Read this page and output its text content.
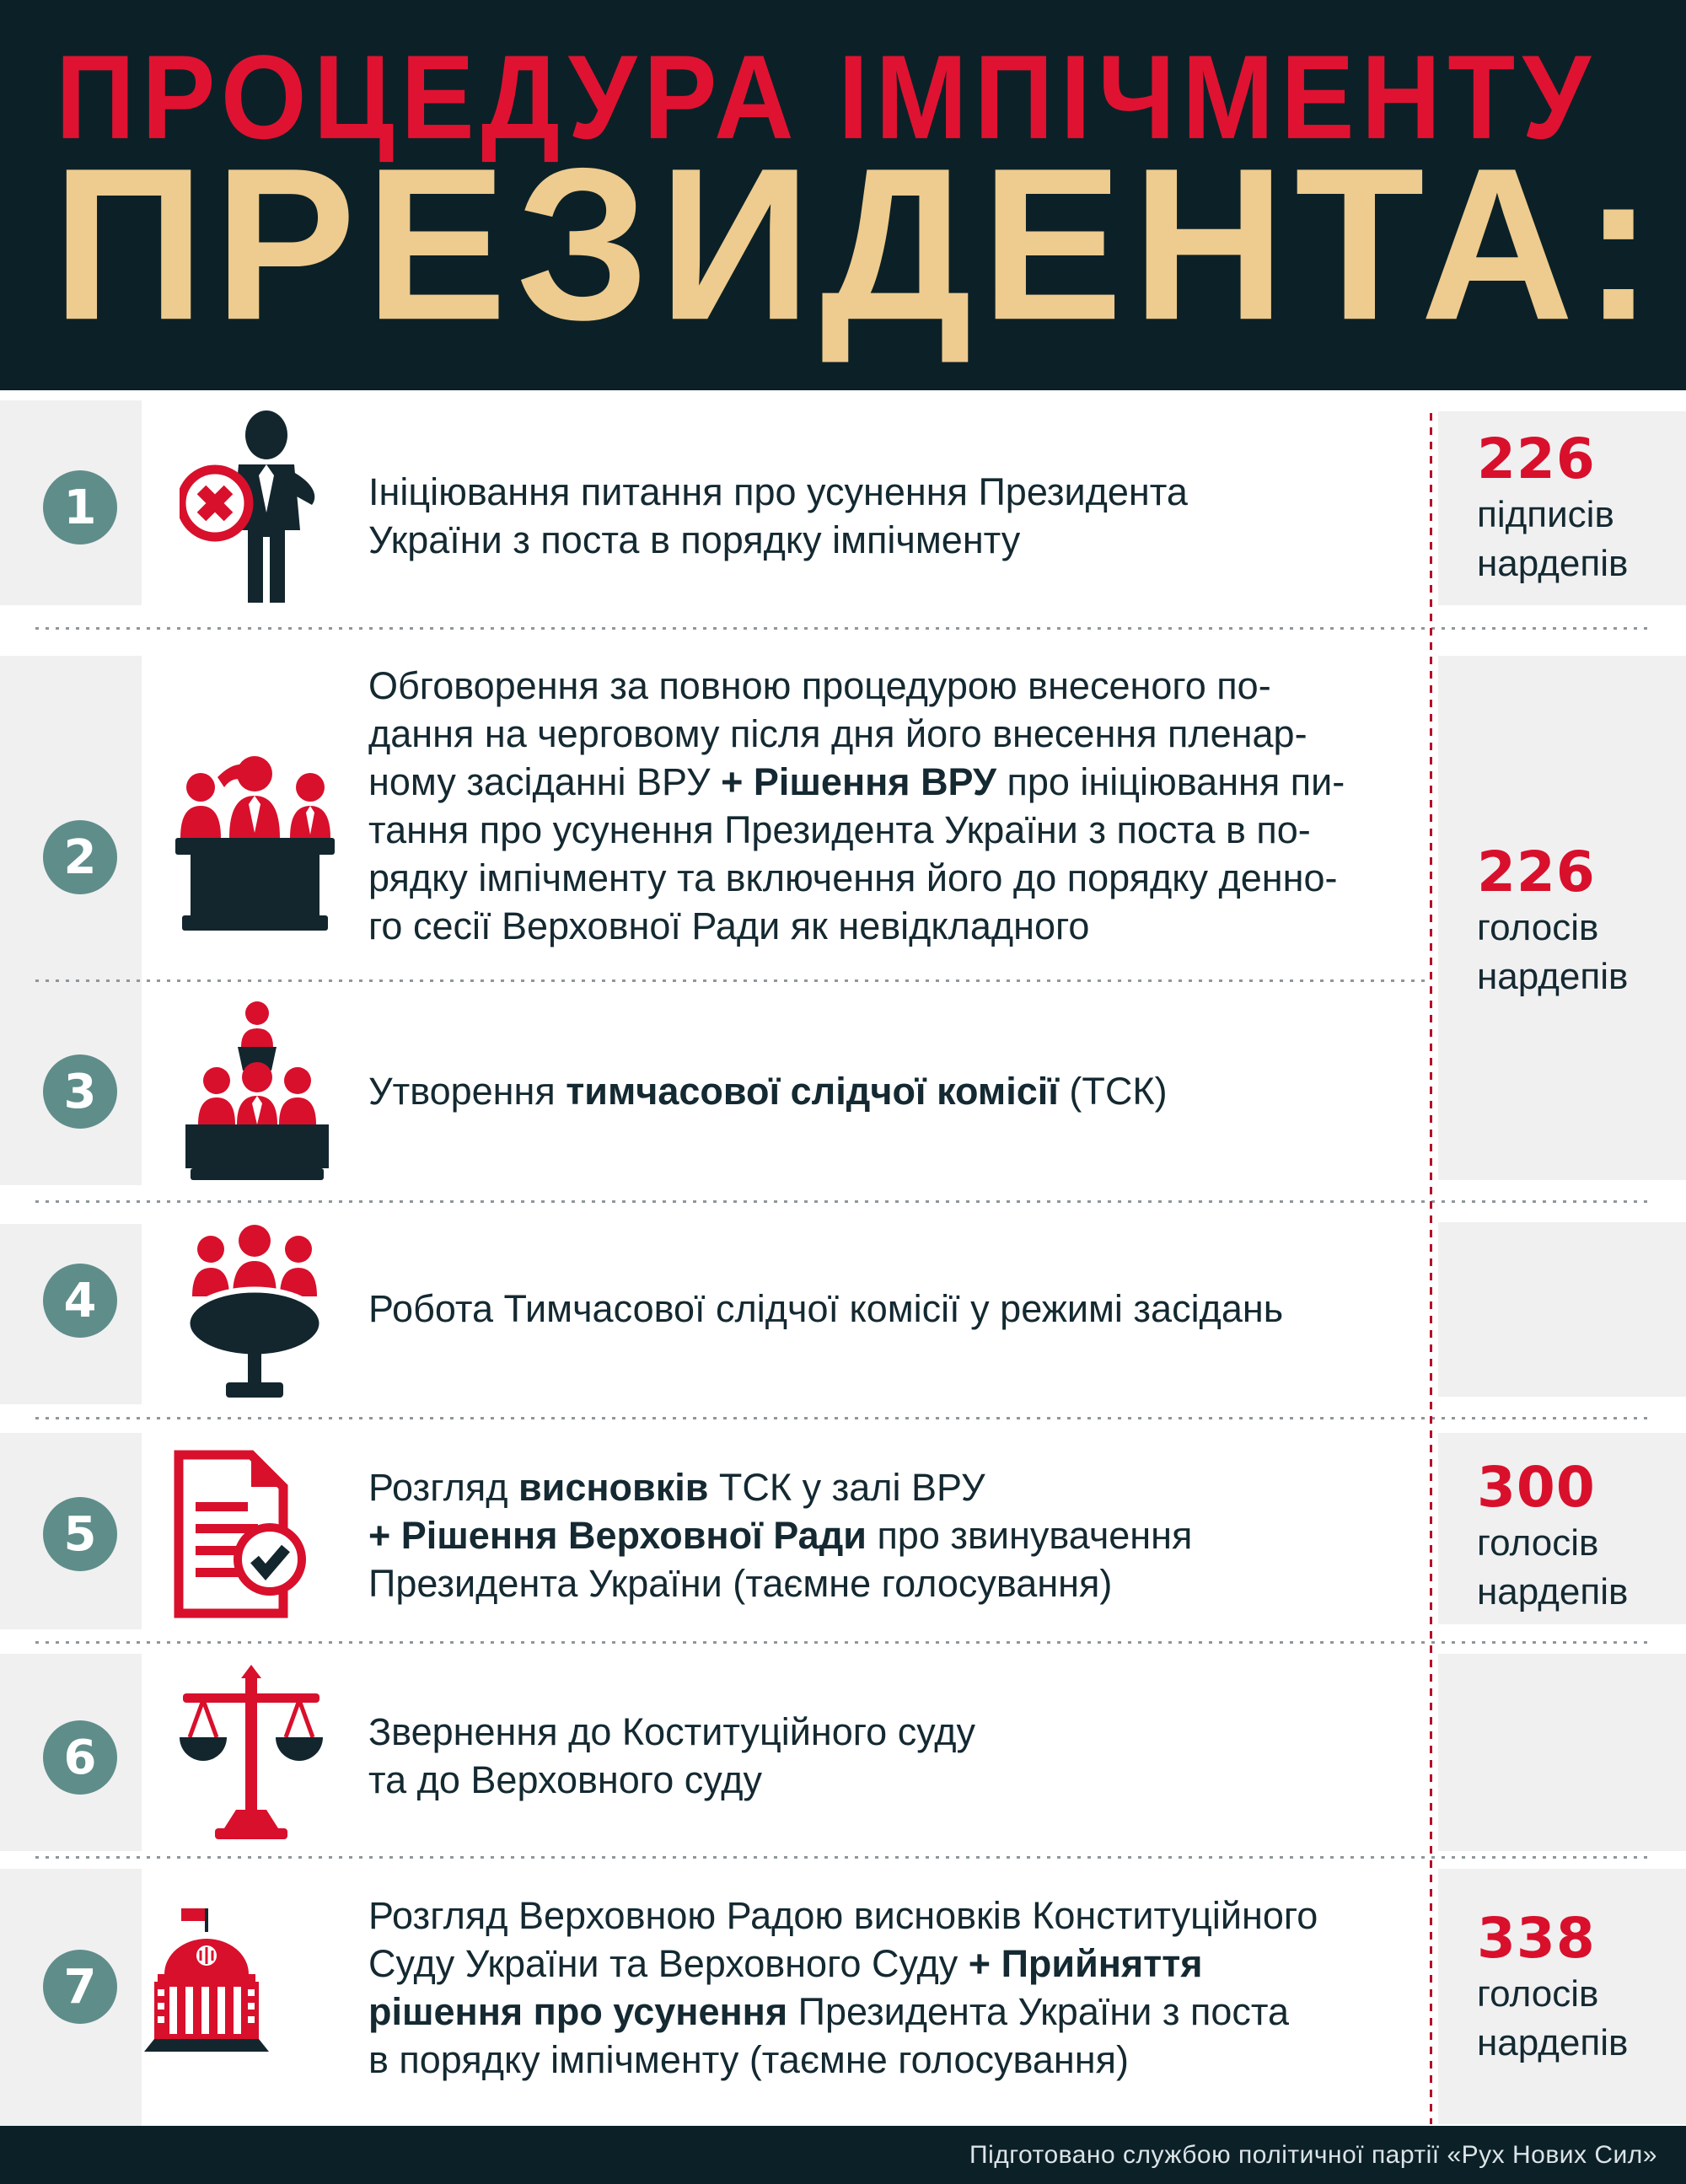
ПРОЦЕДУРА ІМПІЧМЕНТУ
ПРЕЗИДЕНТА:
1
2
3
4
5
6
7
Ініціювання питання про усунення Президента
України з поста в порядку імпічменту
Обговорення за повною процедурою внесеного по-
дання на черговому після дня його внесення пленар-
ному засіданні ВРУ + Рішення ВРУ про ініціювання пи-
тання про усунення Президента України з поста в по-
рядку імпічменту та включення його до порядку денно-
го сесії Верховної Ради як невідкладного
Утворення тимчасової слідчої комісії (ТСК)
Робота Тимчасової слідчої комісії у режимі засідань
Розгляд висновків ТСК у залі ВРУ
+ Рішення Верховної Ради про звинувачення
Президента України (таємне голосування)
Звернення до Коституційного суду
та до Верховного суду
Розгляд Верховною Радою висновків Конституційного
Суду України та Верховного Суду + Прийняття
рішення про усунення Президента України з поста
в порядку імпічменту (таємне голосування)
226
підписів
нардепів
226
голосів
нардепів
300
голосів
нардепів
338
голосів
нардепів
Підготовано службою політичної партії «Рух Нових Сил»
